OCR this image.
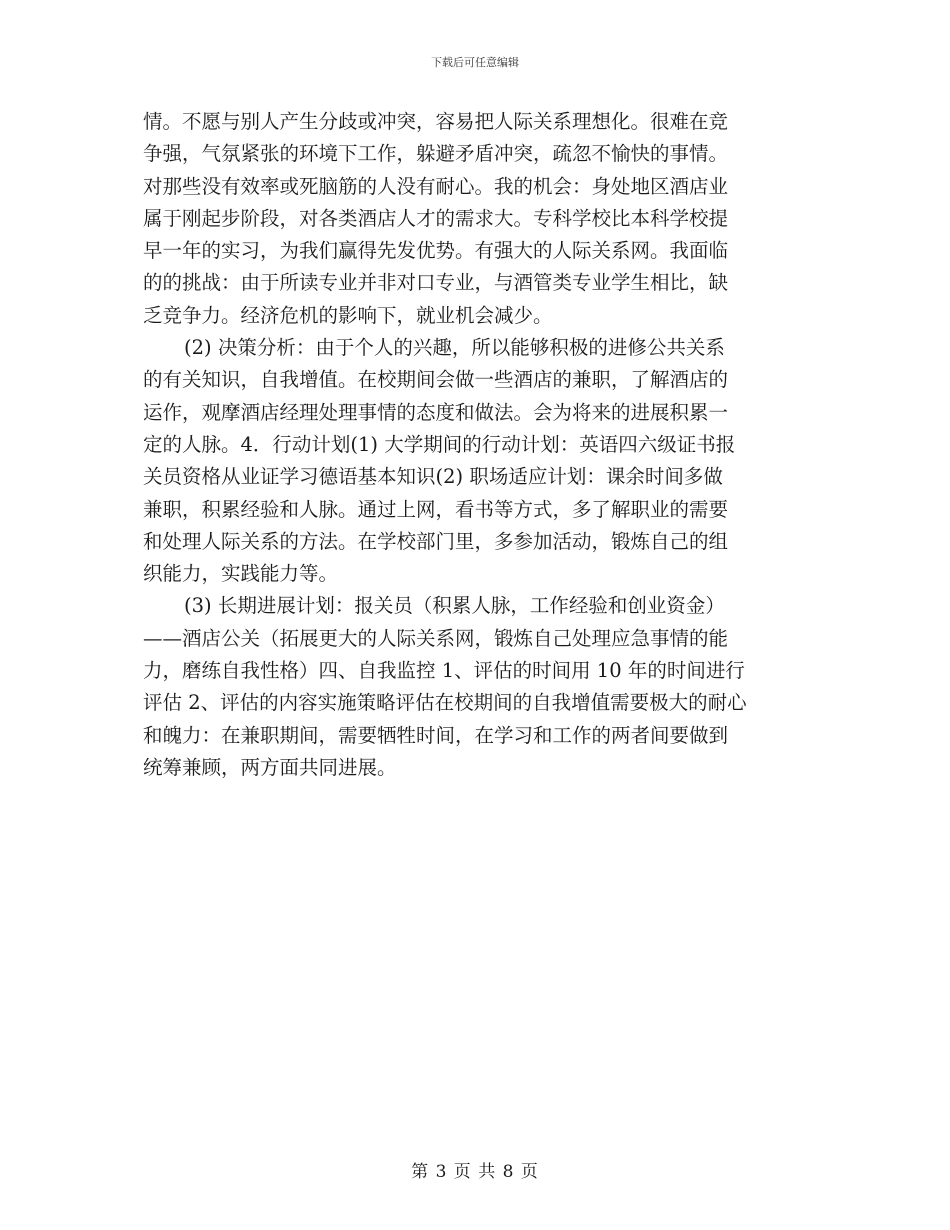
下载后可任意编辑
情。不愿与别人产生分歧或冲突，容易把人际关系理想化。很难在竞
争强，气氛紧张的环境下工作，躲避矛盾冲突，疏忽不愉快的事情。
对那些没有效率或死脑筋的人没有耐心。我的机会：身处地区酒店业
属于刚起步阶段，对各类酒店人才的需求大。专科学校比本科学校提
早一年的实习，为我们赢得先发优势。有强大的人际关系网。我面临
的的挑战：由于所读专业并非对口专业，与酒管类专业学生相比，缺
乏竞争力。经济危机的影响下，就业机会减少。
(2) 决策分析：由于个人的兴趣，所以能够积极的进修公共关系
的有关知识，自我增值。在校期间会做一些酒店的兼职，了解酒店的
运作，观摩酒店经理处理事情的态度和做法。会为将来的进展积累一
定的人脉。4．行动计划(1) 大学期间的行动计划：英语四六级证书报
关员资格从业证学习德语基本知识(2) 职场适应计划：课余时间多做
兼职，积累经验和人脉。通过上网，看书等方式，多了解职业的需要
和处理人际关系的方法。在学校部门里，多参加活动，锻炼自己的组
织能力，实践能力等。
(3) 长期进展计划：报关员（积累人脉，工作经验和创业资金）
——酒店公关（拓展更大的人际关系网，锻炼自己处理应急事情的能
力，磨练自我性格）四、自我监控 1、评估的时间用 10 年的时间进行
评估 2、评估的内容实施策略评估在校期间的自我增值需要极大的耐心
和魄力：在兼职期间，需要牺牲时间，在学习和工作的两者间要做到
统筹兼顾，两方面共同进展。
第 3 页 共 8 页
